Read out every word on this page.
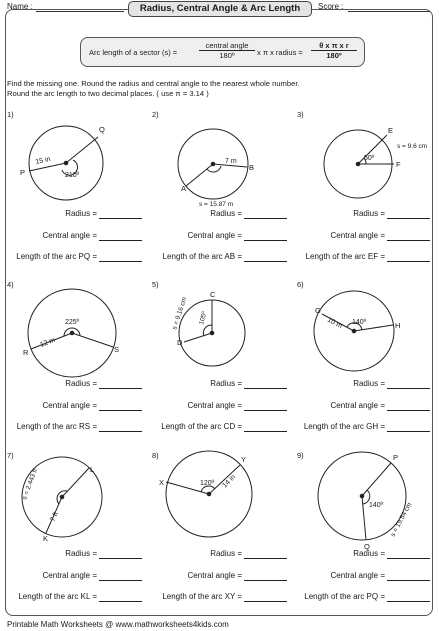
Name :	Score :
Radius, Central Angle & Arc Length
Arc length of a sector (s) =
central angle
180º	x π x radius = $\frac{\text{θ x π x r}}{\text{180º}}$
Find the missing one. Round the radius and central angle to the nearest whole number.
Round the arc length to two decimal places. ( use π = 3.14 )
P
Q
15 in
210º
A
B
7 m
s = 15.87 m
E
F
50º
s = 9.6 cm
R	S
12 m
225º
C
D
105º
s = 9.16 cm	G
H
10 m 140º
K
L
7 ft
s = 2.443 ft	X
Y
14 in
120º
P
Q
140º s = 19.54 cm
1)	2)	3)
4)	5)	6)
7)	8)	9)
Radius =
Central angle =
Length of the arc PQ =
Radius =
Central angle =
Length of the arc RS =
Radius =
Central angle =
Length of the arc KL =
Radius =
Central angle =
Length of the arc AB =
Radius =
Central angle =
Length of the arc CD =
Radius =
Central angle =
Length of the arc XY =
Radius =
Central angle =
Length of the arc EF =
Radius =
Central angle =
Length of the arc GH =
Radius =
Central angle =
Length of the arc PQ =
Printable Math Worksheets @ www.mathworksheets4kids.com
